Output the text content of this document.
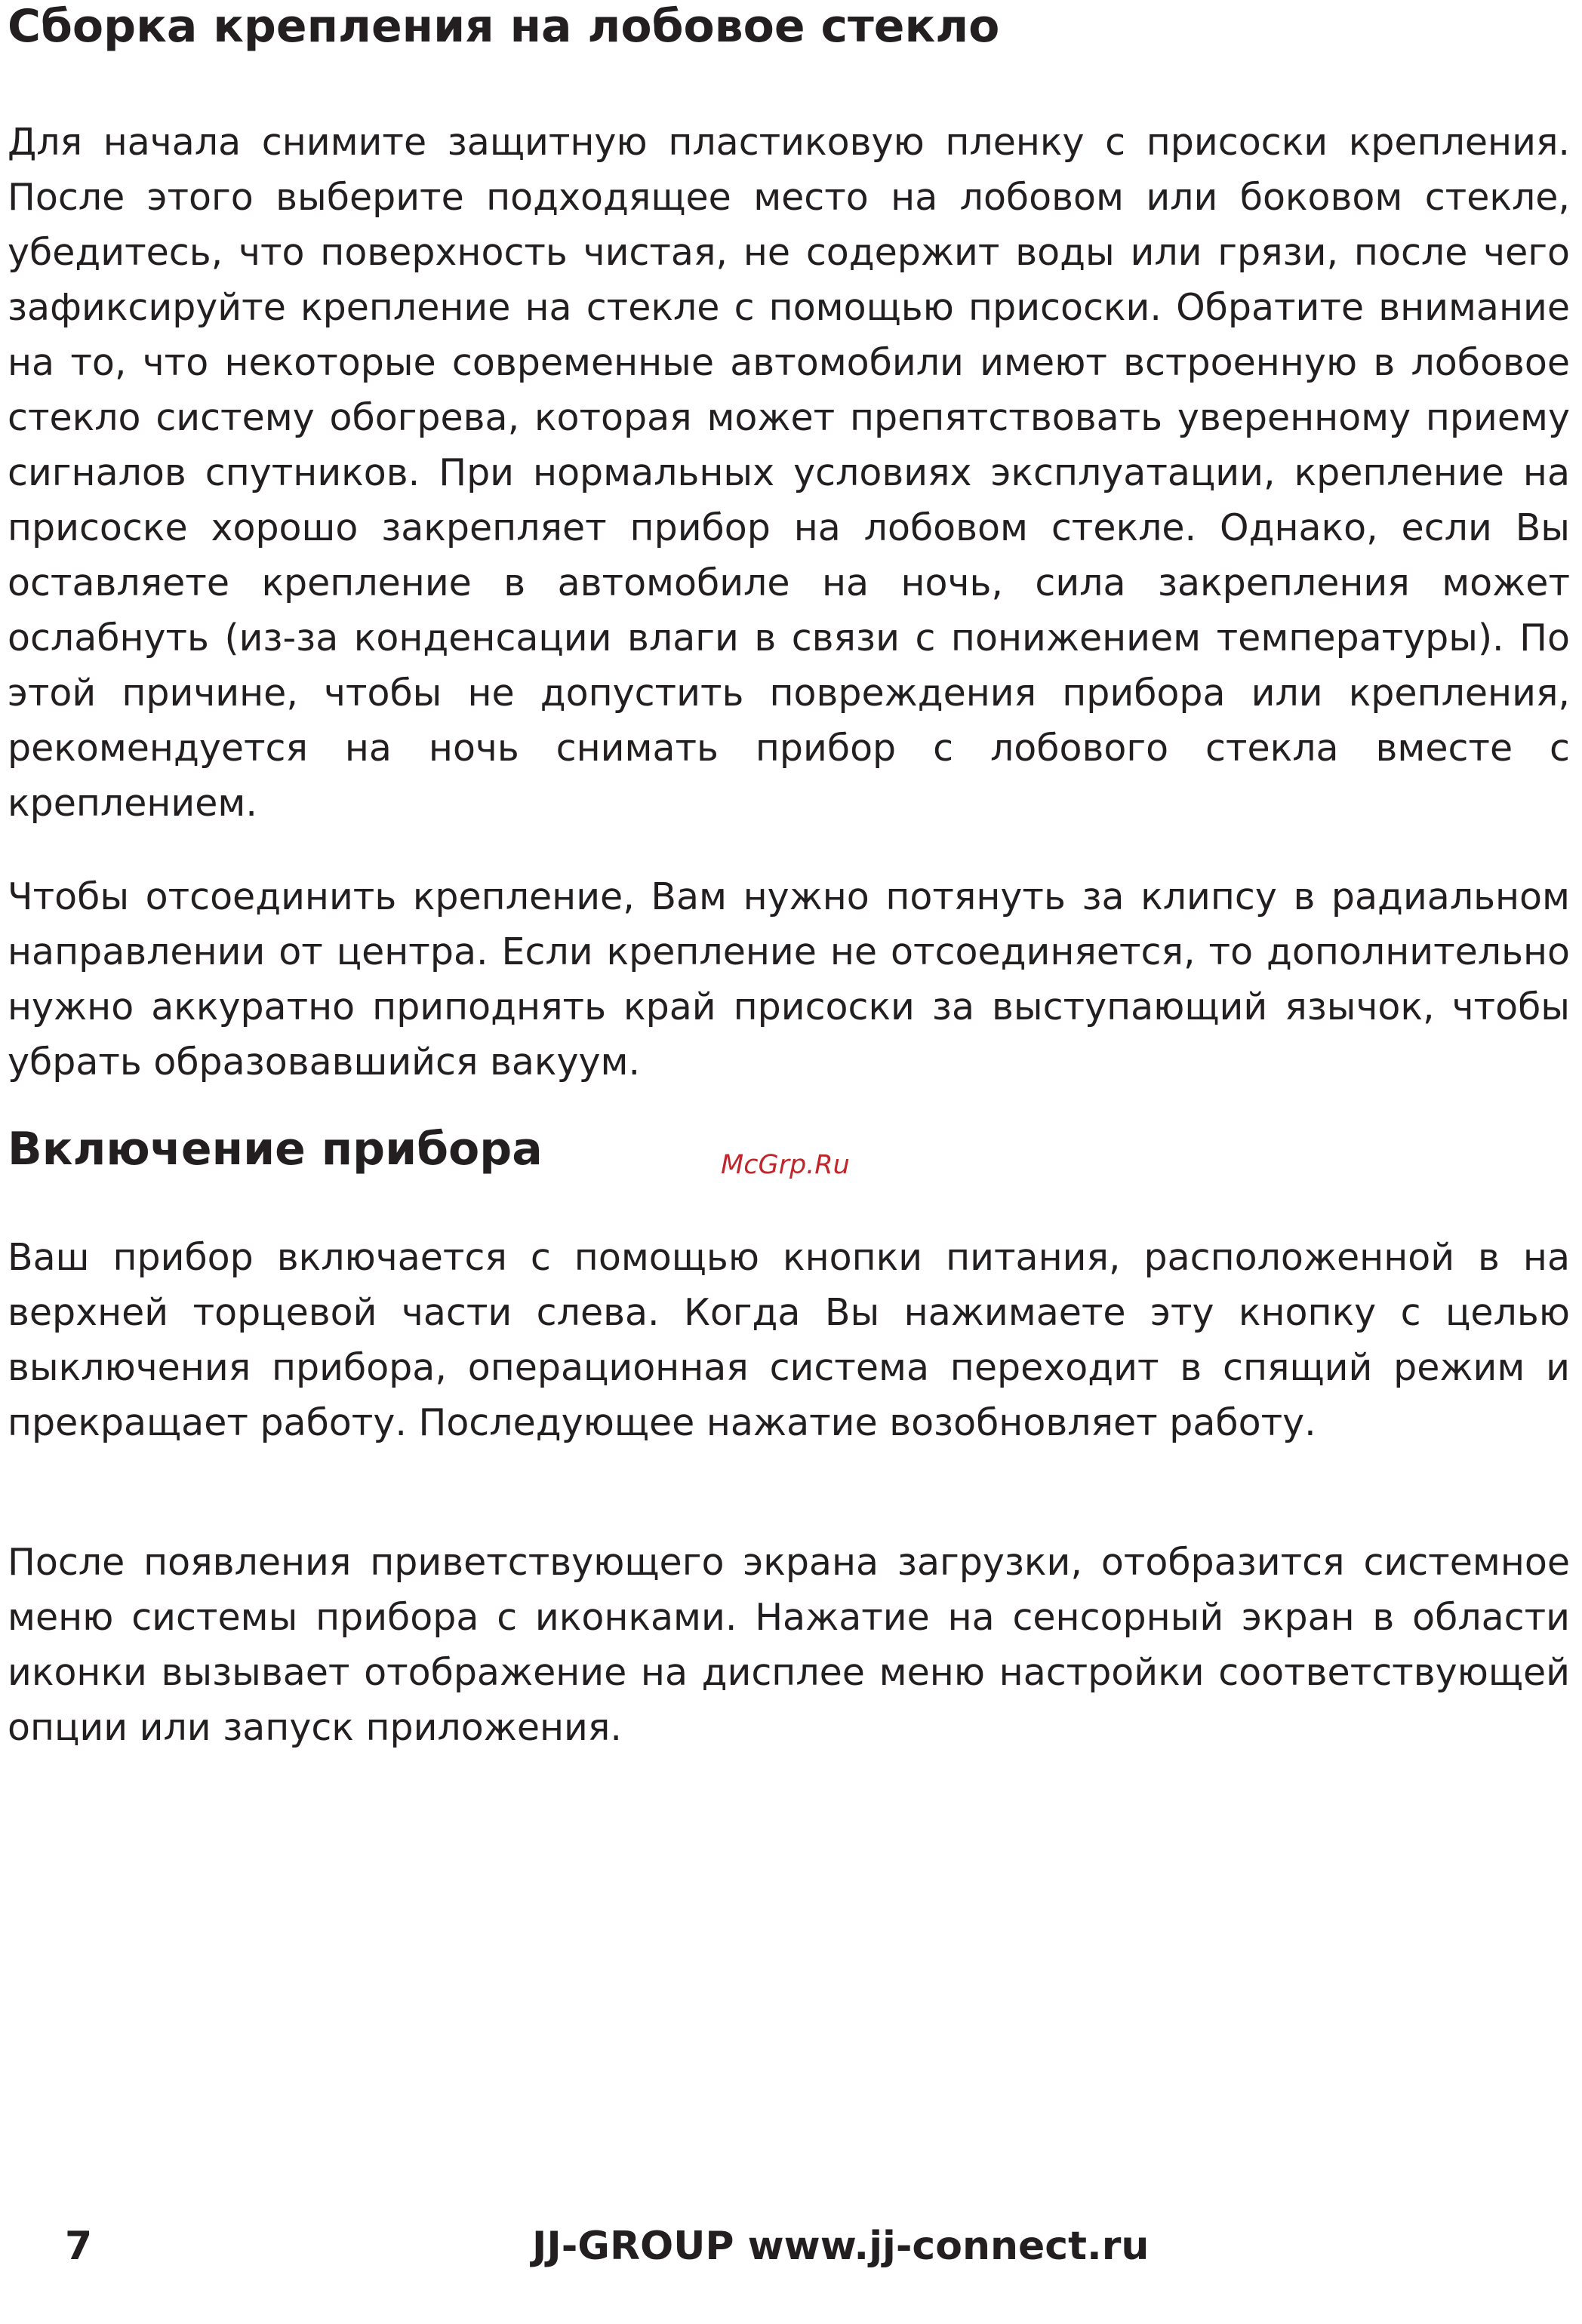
Сборка крепления на лобовое стекло

Для начала снимите защитную пластиковую пленку с присоски крепления. После этого выберите подходящее место на лобовом или боковом стекле, убедитесь, что поверхность чистая, не содержит воды или грязи, после чего зафиксируйте крепление на стекле с помощью присоски. Обратите внимание на то, что некоторые современные автомобили имеют встроенную в лобовое стекло систему обогрева, которая может препятствовать уверенному приему сигналов спутников. При нормальных условиях эксплуатации, крепление на присоске хорошо закрепляет прибор на лобовом стекле. Однако, если Вы оставляете крепление в автомобиле на ночь, сила закрепления может ослабнуть (из-за конденсации влаги в связи с понижением температуры). По этой причине, чтобы не допустить повреждения прибора или крепления, рекомендуется на ночь снимать прибор с лобового стекла вместе с креплением.

Чтобы отсоединить крепление, Вам нужно потянуть за клипсу в радиальном направлении от центра. Если крепление не отсоединяется, то дополнительно нужно аккуратно приподнять край присоски за выступающий язычок, чтобы убрать образовавшийся вакуум.

Включение прибора	McGrp.Ru

Ваш прибор включается с помощью кнопки питания, расположенной в на верхней торцевой части слева. Когда Вы нажимаете эту кнопку с целью выключения прибора, операционная система переходит в спящий режим и прекращает работу. Последующее нажатие возобновляет работу.

После появления приветствующего экрана загрузки, отобразится системное меню системы прибора с иконками. Нажатие на сенсорный экран в области иконки вызывает отображение на дисплее меню настройки соответствующей опции или запуск приложения.

7	JJ-GROUP www.jj-connect.ru
